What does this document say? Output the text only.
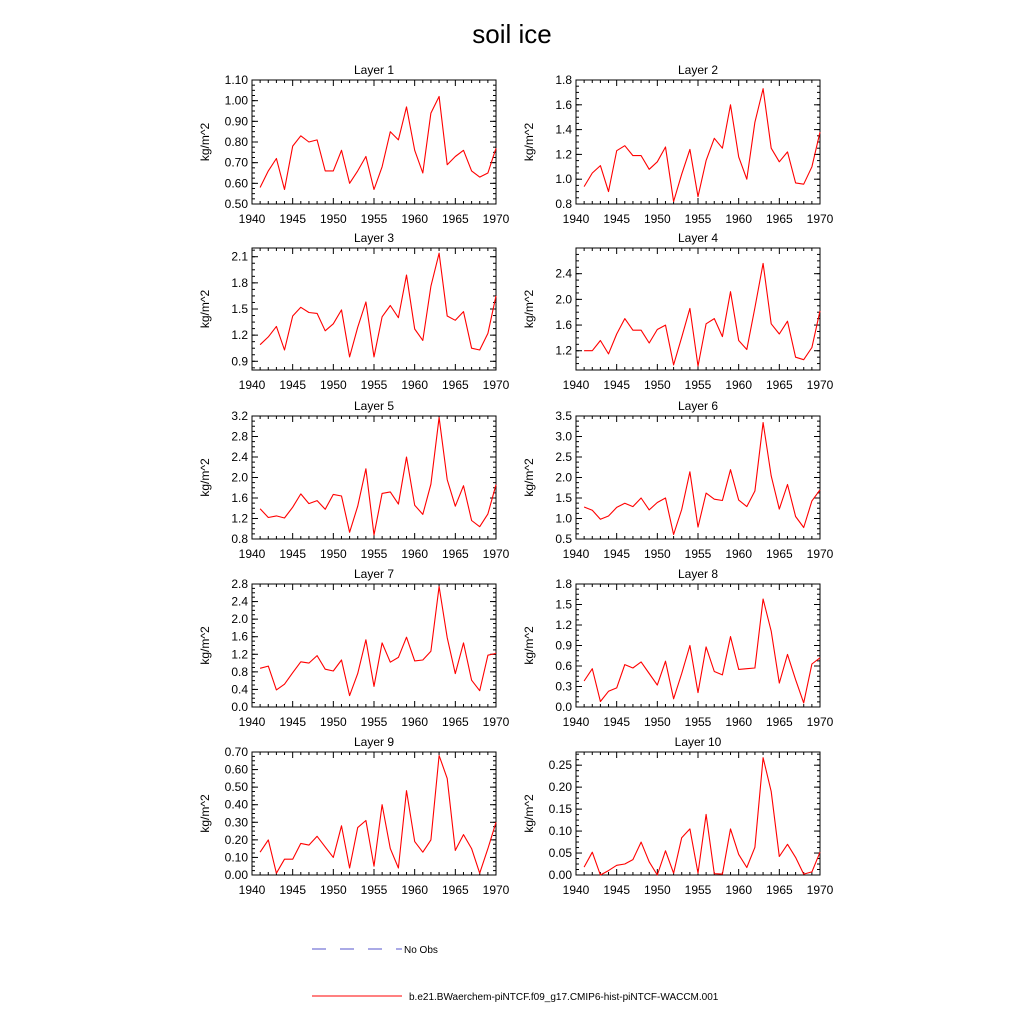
soil ice
Layer 1
kg/m^2
0.50
0.60
0.70
0.80
0.90
1.00
1.10
1940 1945 1950 1955 1960 1965 1970
Layer 2
kg/m^2
0.8
1.0
1.2
1.4
1.6
1.8
1940 1945 1950 1955 1960 1965 1970
Layer 3
kg/m^2
0.9
1.2
1.5
1.8
2.1
1940 1945 1950 1955 1960 1965 1970
Layer 4
kg/m^2
1.2
1.6
2.0
2.4
1940 1945 1950 1955 1960 1965 1970
Layer 5
kg/m^2
0.8
1.2
1.6
2.0
2.4
2.8
3.2
1940 1945 1950 1955 1960 1965 1970
Layer 6
kg/m^2
0.5
1.0
1.5
2.0
2.5
3.0
3.5
1940 1945 1950 1955 1960 1965 1970
Layer 7
kg/m^2
0.0
0.4
0.8
1.2
1.6
2.0
2.4
2.8
1940 1945 1950 1955 1960 1965 1970
Layer 8
kg/m^2
0.0
0.3
0.6
0.9
1.2
1.5
1.8
1940 1945 1950 1955 1960 1965 1970
Layer 9
kg/m^2
0.00
0.10
0.20
0.30
0.40
0.50
0.60
0.70
1940 1945 1950 1955 1960 1965 1970
Layer 10
kg/m^2
0.00
0.05
0.10
0.15
0.20
0.25
1940 1945 1950 1955 1960 1965 1970
No Obs
b.e21.BWaerchem-piNTCF.f09_g17.CMIP6-hist-piNTCF-WACCM.001
